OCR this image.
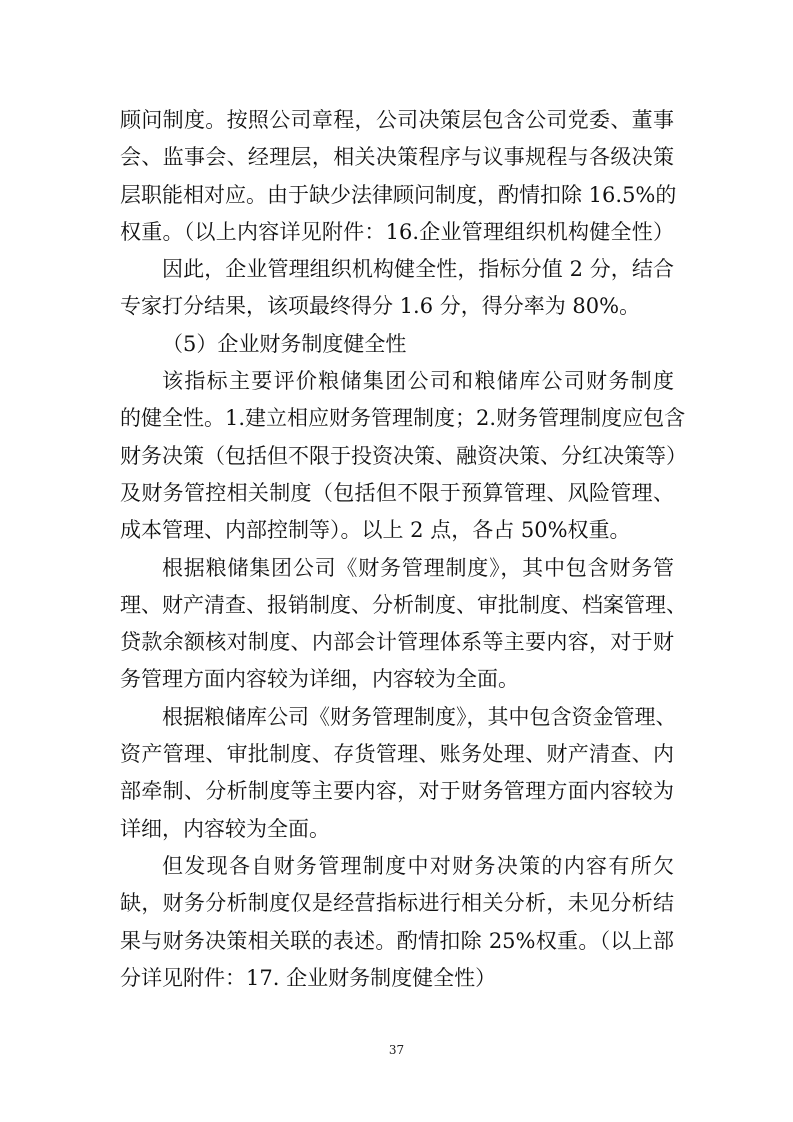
顾问制度。按照公司章程，公司决策层包含公司党委、董事
会、监事会、经理层，相关决策程序与议事规程与各级决策
层职能相对应。由于缺少法律顾问制度，酌情扣除 16.5%的
权重。（以上内容详见附件：16.企业管理组织机构健全性）
因此，企业管理组织机构健全性，指标分值 2 分，结合
专家打分结果，该项最终得分 1.6 分，得分率为 80%。
（5）企业财务制度健全性
该指标主要评价粮储集团公司和粮储库公司财务制度
的健全性。1.建立相应财务管理制度；2.财务管理制度应包含
财务决策（包括但不限于投资决策、融资决策、分红决策等）
及财务管控相关制度（包括但不限于预算管理、风险管理、
成本管理、内部控制等）。以上 2 点，各占 50%权重。
根据粮储集团公司《财务管理制度》，其中包含财务管
理、财产清查、报销制度、分析制度、审批制度、档案管理、
贷款余额核对制度、内部会计管理体系等主要内容，对于财
务管理方面内容较为详细，内容较为全面。
根据粮储库公司《财务管理制度》，其中包含资金管理、
资产管理、审批制度、存货管理、账务处理、财产清查、内
部牵制、分析制度等主要内容，对于财务管理方面内容较为
详细，内容较为全面。
但发现各自财务管理制度中对财务决策的内容有所欠
缺，财务分析制度仅是经营指标进行相关分析，未见分析结
果与财务决策相关联的表述。酌情扣除 25%权重。（以上部
分详见附件：17. 企业财务制度健全性）
37
